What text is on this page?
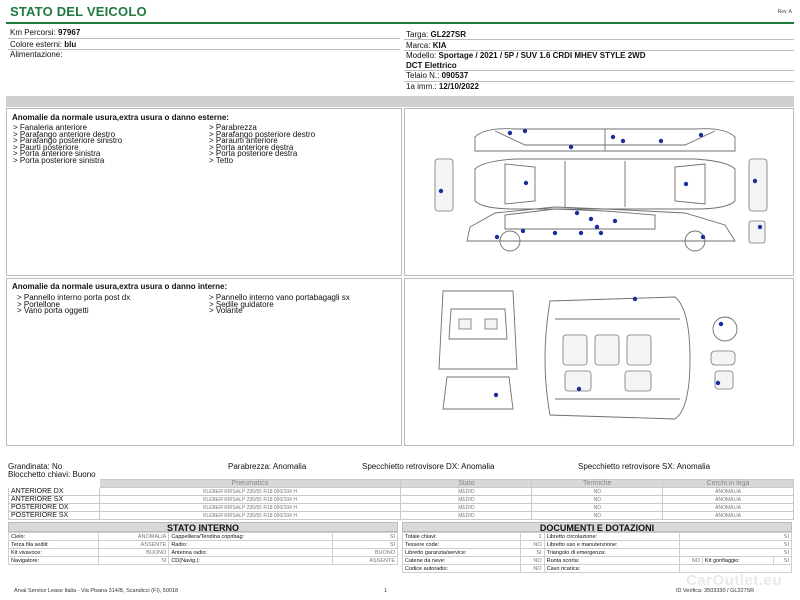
STATO DEL VEICOLO	Rev. A
Km Percorsi: 97967
Colore esterni: blu
Alimentazione:
Targa: GL227SR
Marca: KIA
Modello: Sportage / 2021 / 5P / SUV 1.6 CRDI MHEV STYLE 2WD
DCT Elettrico
Telaio N.: 090537
1a imm.: 12/10/2022
Anomalie da normale usura,extra usura o danno esterne:
> Fanaleria anteriore
> Parafango anteriore destro
> Parafango posteriore sinistro
> Paurti posteriore
> Porta anteriore sinistra
> Porta posteriore sinistra
> Parabrezza
> Parafango posteriore destro
> Paraurti anteriore
> Porta anteriore destra
> Porta posteriore destra
> Tetto
Anomalie da normale usura,extra usura o danno interne:
> Pannello interno porta post dx
> Portellone
> Vano porta oggetti
> Pannello interno vano portabagagli sx
> Sedile guidatore
> Volante
Grandinata: No
Blocchetto chiavi: Buono
Parabrezza: Anomalia	Specchietto retrovisore DX: Anomalia	Specchietto retrovisore SX: Anomalia
	Pneumatico	Stato	Termiche	Cerchi in lega
ANTERIORE DX	KLEBER KRISALP 235/55 R18 000/104 H	MEDIO	NO	ANOMALIA
ANTERIORE SX	KLEBER KRISALP 235/55 R18 000/104 H	MEDIO	NO	ANOMALIA
POSTERIORE DX	KLEBER KRISALP 235/55 R18 000/104 H	MEDIO	NO	ANOMALIA
POSTERIORE SX	KLEBER KRISALP 235/55 R18 000/104 H	MEDIO	NO	ANOMALIA
STATO INTERNO
Cielo:	ANOMALIA	Cappelliera/Tendina copribag:	SI
Terza fila sedili:	ASSENTE	Radio:	SI
Kit vivavoce:	BUONO	Antenna radio:	BUONO
Navigatore:	SI	CD(Navig.):	ASSENTE
DOCUMENTI E DOTAZIONI
Totale chiavi:	1	Libretto circolazione:	SI		
Tessere code:	NO	Libretto uso e manutenzione:	SI		
Libretto garanzia/service:	SI	Triangolo di emergenza:	SI		
Catene da neve:	NO	Ruota scorta:	NO	Kit gonfiaggio:	SI
Codice autoradio:	NO	Cavo ricarica:			
Arval Service Lease Italia - Via Pisana 314/B, Scandicci (FI), 50018	1	ID Verifica: 3503330 / GL227SR
CarOutlet.eu
